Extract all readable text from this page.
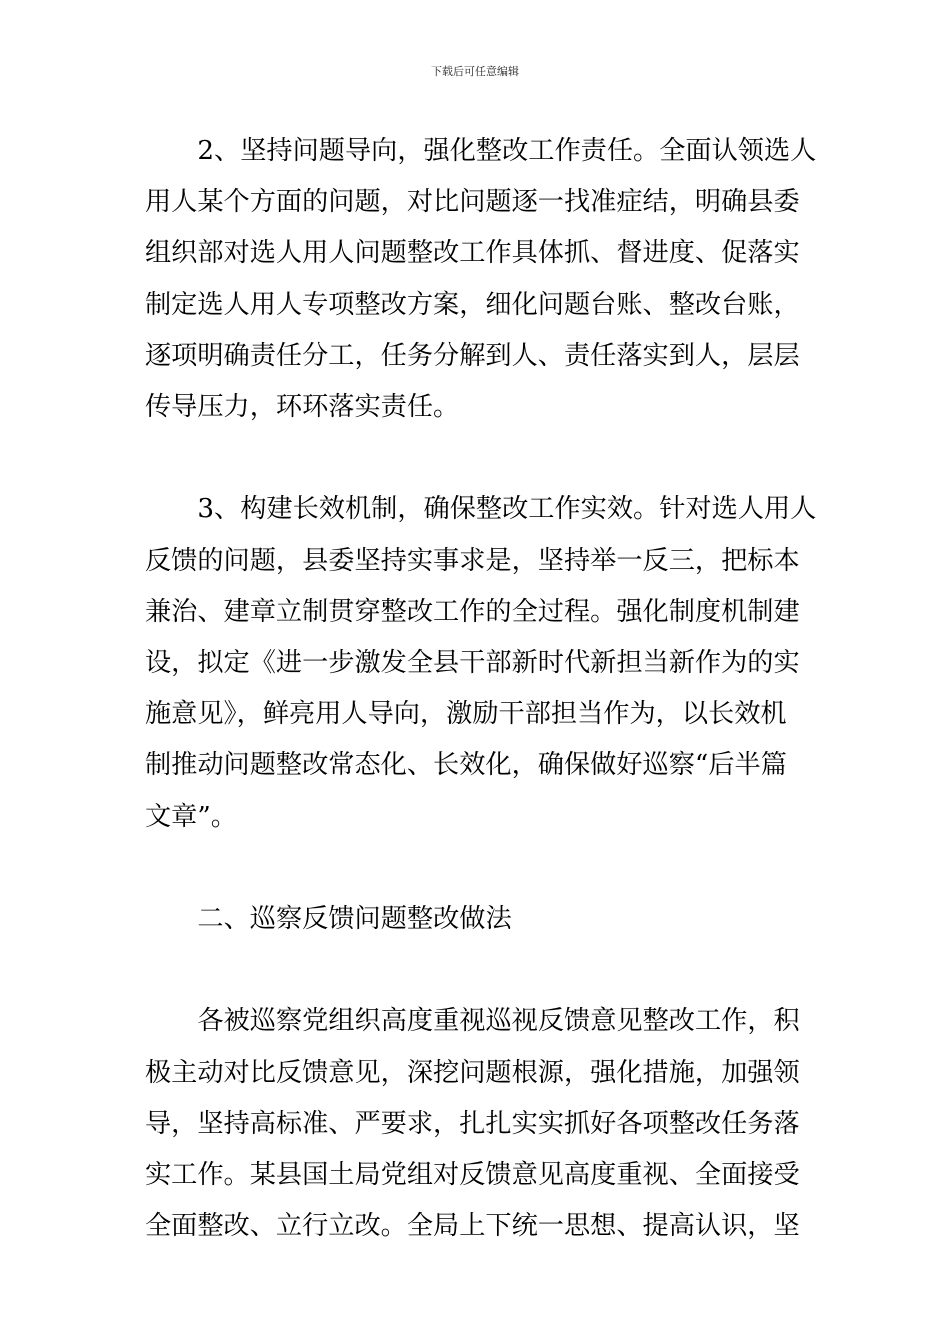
下载后可任意编辑

2、坚持问题导向，强化整改工作责任。全面认领选人
用人某个方面的问题，对比问题逐一找准症结，明确县委
组织部对选人用人问题整改工作具体抓、督进度、促落实
制定选人用人专项整改方案，细化问题台账、整改台账，
逐项明确责任分工，任务分解到人、责任落实到人，层层
传导压力，环环落实责任。

3、构建长效机制，确保整改工作实效。针对选人用人
反馈的问题，县委坚持实事求是，坚持举一反三，把标本
兼治、建章立制贯穿整改工作的全过程。强化制度机制建
设，拟定《进一步激发全县干部新时代新担当新作为的实
施意见》，鲜亮用人导向，激励干部担当作为，以长效机
制推动问题整改常态化、长效化，确保做好巡察“后半篇
文章”。

二、巡察反馈问题整改做法

各被巡察党组织高度重视巡视反馈意见整改工作，积
极主动对比反馈意见，深挖问题根源，强化措施，加强领
导，坚持高标准、严要求，扎扎实实抓好各项整改任务落
实工作。某县国土局党组对反馈意见高度重视、全面接受
全面整改、立行立改。全局上下统一思想、提高认识，坚
